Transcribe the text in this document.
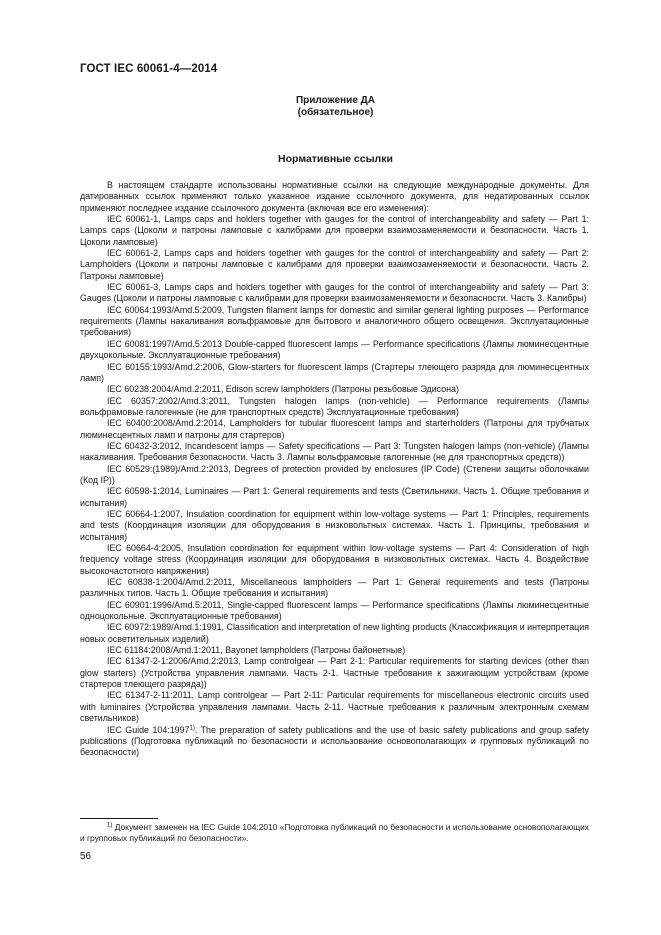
ГОСТ IEC 60061-4—2014
Приложение ДА
(обязательное)
Нормативные ссылки

В настоящем стандарте использованы нормативные ссылки на следующие международные документы. Для датированных ссылок применяют только указанное издание ссылочного документа, для недатированных ссылок применяют последнее издание ссылочного документа (включая все его изменения):

IEC 60061-1, Lamps caps and holders together with gauges for the control of interchangeability and safety — Part 1: Lamps caps (Цоколи и патроны ламповые с калибрами для проверки взаимозаменяемости и безопасности. Часть 1. Цоколи ламповые)

IEC 60061-2, Lamps caps and holders together with gauges for the control of interchangeability and safety — Part 2: Lampholders (Цоколи и патроны ламповые с калибрами для проверки взаимозаменяемости и безопасности. Часть 2. Патроны ламповые)

IEC 60061-3, Lamps caps and holders together with gauges for the control of interchangeability and safety — Part 3: Gauges (Цоколи и патроны ламповые с калибрами для проверки взаимозаменяемости и безопасности. Часть 3. Калибры)

IEC 60064:1993/Amd.5:2009, Tungsten filament lamps for domestic and similar general lighting purposes — Performance requirements (Лампы накаливания вольфрамовые для бытового и аналогичного общего освещения. Эксплуатационные требования)

IEC 60081:1997/Amd.5:2013 Double-capped fluorescent lamps — Performance specifications (Лампы люминесцентные двухцокольные. Эксплуатационные требования)

IEC 60155:1993/Amd.2:2006, Glow-starters for fluorescent lamps (Стартеры тлеющего разряда для люминесцентных ламп)

IEC 60238:2004/Amd.2:2011, Edison screw lampholders (Патроны резьбовые Эдисона)

IEC 60357:2002/Amd.3:2011, Tungsten halogen lamps (non-vehicle) — Performance requirements (Лампы вольфрамовые галогенные (не для транспортных средств) Эксплуатационные требования)

IEC 60400:2008/Amd.2:2014, Lampholders for tubular fluorescent lamps and starterholders (Патроны для трубчатых люминесцентных ламп и патроны для стартеров)

IEC 60432-3:2012, Incandescent lamps — Safety specifications — Part 3: Tungsten halogen lamps (non-vehicle) (Лампы накаливания. Требования безопасности. Часть 3. Лампы вольфрамовые галогенные (не для транспортных средств))

IEC 60529:(1989)/Amd.2:2013, Degrees of protection provided by enclosures (IP Code) (Степени защиты оболочками (Код IP))

IEC 60598-1:2014, Luminaires — Part 1: General requirements and tests (Светильники. Часть 1. Общие требования и испытания)

IEC 60664-1:2007, Insulation coordination for equipment within low-voltage systems — Part 1: Principles, requirements and tests (Координация изоляции для оборудования в низковольтных системах. Часть 1. Принципы, требования и испытания)

IEC 60664-4:2005, Insulation coordination for equipment within low-voltage systems — Part 4: Consideration of high frequency voltage stress (Координация изоляции для оборудования в низковольтных системах. Часть 4. Воздействие высокочастотного напряжения)

IEC 60838-1:2004/Amd.2:2011, Miscellaneous lampholders — Part 1: General requirements and tests (Патроны различных типов. Часть 1. Общие требования и испытания)

IEC 60901:1996/Amd.5:2011, Single-capped fluorescent lamps — Performance specifications (Лампы люминесцентные одноцокольные. Эксплуатационные требования)

IEC 60972:1989/Amd.1:1991, Classification and interpretation of new lighting products (Классификация и интерпретация новых осветительных изделий)

IEC 61184:2008/Amd.1:2011, Bayonet lampholders (Патроны байонетные)

IEC 61347-2-1:2006/Amd.2:2013, Lamp controlgear — Part 2-1: Particular requirements for starting devices (other than glow starters) (Устройства управления лампами. Часть 2-1. Частные требования к зажигающим устройствам (кроме стартеров тлеющего разряда))

IEC 61347-2-11:2011, Lamp controlgear — Part 2-11: Particular requirements for miscellaneous electronic circuits used with luminaires (Устройства управления лампами. Часть 2-11. Частные требования к различным электронным схемам светильников)

IEC Guide 104:1997$^{1)}$. The preparation of safety publications and the use of basic safety publications and group safety publications (Подготовка публикаций по безопасности и использование основополагающих и групповых публикаций по безопасности)

$^{1)}$ Документ заменен на IEC Guide 104:2010 «Подготовка публикаций по безопасности и использование основополагающих и групповых публикаций по безопасности».

56
